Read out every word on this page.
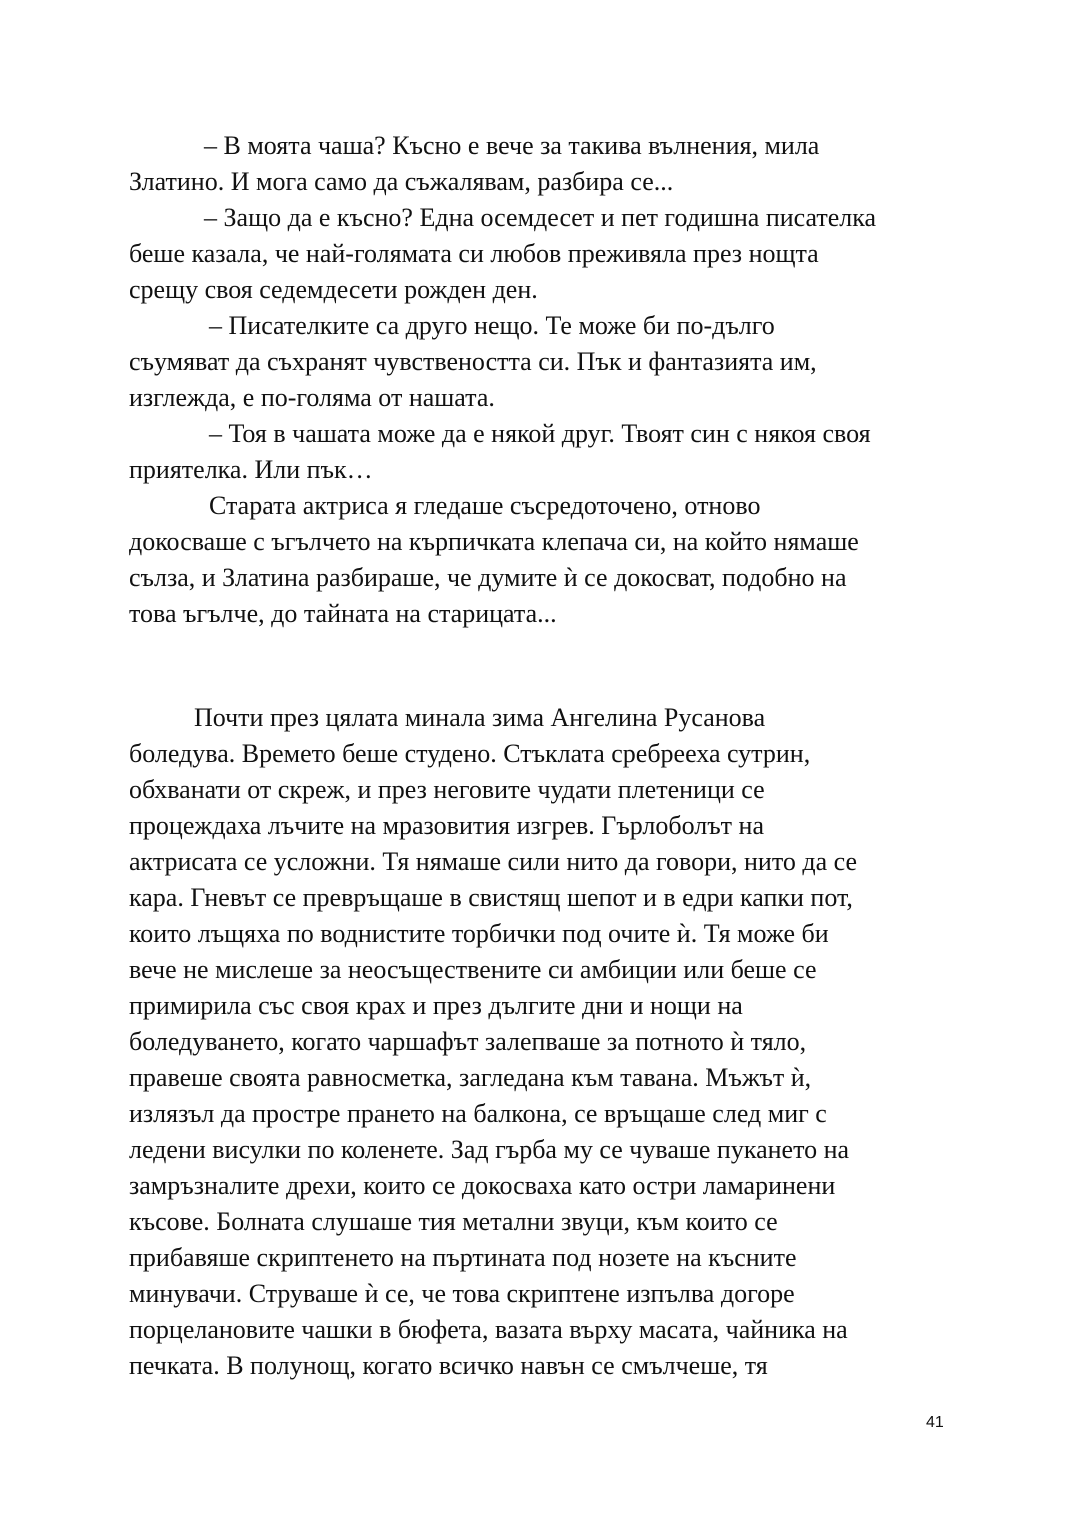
– В моята чаша? Късно е вече за такива вълнения, мила
Златино. И мога само да съжалявам, разбира се...
– Защо да е късно? Една осемдесет и пет годишна писателка
беше казала, че най-голямата си любов преживяла през нощта
срещу своя седемдесети рожден ден.
– Писателките са друго нещо. Те може би по-дълго
съумяват да съхранят чувствеността си. Пък и фантазията им,
изглежда, е по-голяма от нашата.
– Тоя в чашата може да е някой друг. Твоят син с някоя своя
приятелка. Или пък…
Старата актриса я гледаше съсредоточено, отново
докосваше с ъгълчето на кърпичката клепача си, на който нямаше
сълза, и Златина разбираше, че думите ѝ се докосват, подобно на
това ъгълче, до тайната на старицата...
Почти през цялата минала зима Ангелина Русанова
боледува. Времето беше студено. Стъклата сребрееха сутрин,
обхванати от скреж, и през неговите чудати плетеници се
процеждаха лъчите на мразовития изгрев. Гърлоболът на
актрисата се усложни. Тя нямаше сили нито да говори, нито да се
кара. Гневът се превръщаше в свистящ шепот и в едри капки пот,
които лъщяха по воднистите торбички под очите ѝ. Тя може би
вече не мислеше за неосъществените си амбиции или беше се
примирила със своя крах и през дългите дни и нощи на
боледуването, когато чаршафът залепваше за потното ѝ тяло,
правеше своята равносметка, загледана към тавана. Мъжът ѝ,
излязъл да простре прането на балкона, се връщаше след миг с
ледени висулки по коленете. Зад гърба му се чуваше пукането на
замръзналите дрехи, които се докосваха като остри ламаринени
късове. Болната слушаше тия метални звуци, към които се
прибавяше скриптенето на пъртината под нозете на късните
минувачи. Струваше ѝ се, че това скриптене изпълва догоре
порцелановите чашки в бюфета, вазата върху масата, чайника на
печката. В полунощ, когато всичко навън се смълчеше, тя
41
